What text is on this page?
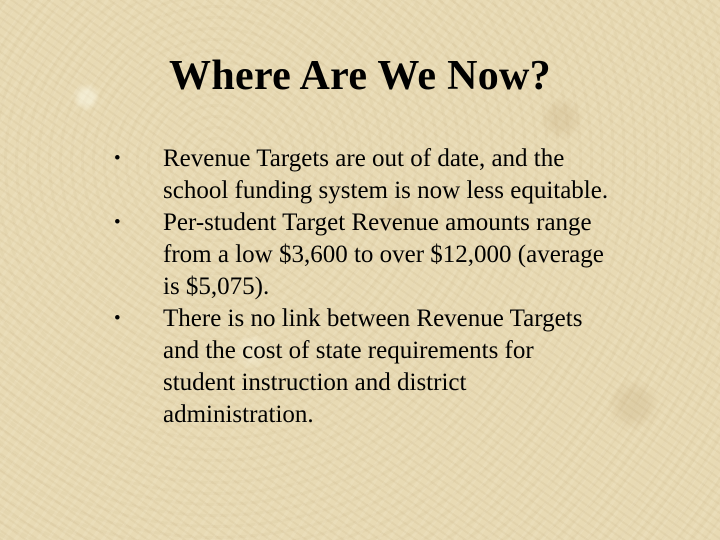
Where Are We Now?
• Revenue Targets are out of date, and the school funding system is now less equitable.
• Per-student Target Revenue amounts range from a low $3,600 to over $12,000 (average is $5,075).
• There is no link between Revenue Targets and the cost of state requirements for student instruction and district administration.
